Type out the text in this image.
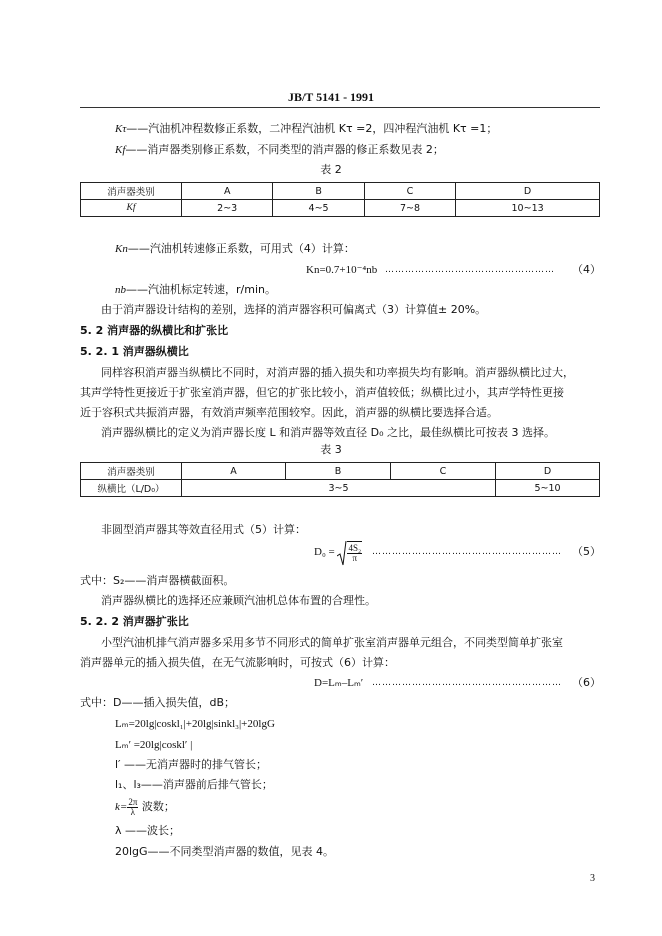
JB/T 5141 - 1991
Kτ——汽油机冲程数修正系数，二冲程汽油机 Kτ =2，四冲程汽油机 Kτ =1；
Kf——消声器类别修正系数，不同类型的消声器的修正系数见表 2；
表 2
消声器类别	A	B	C	D
Kf	2~3	4~5	7~8	10~13
Kn——汽油机转速修正系数，可用式（4）计算：
Kn=0.7+10⁻⁴nb …………………………………………… （4）
nb——汽油机标定转速，r/min。
由于消声器设计结构的差别，选择的消声器容积可偏离式（3）计算值± 20%。
5. 2 消声器的纵横比和扩张比
5. 2. 1 消声器纵横比
同样容积消声器当纵横比不同时，对消声器的插入损失和功率损失均有影响。消声器纵横比过大，
其声学特性更接近于扩张室消声器，但它的扩张比较小，消声值较低；纵横比过小，其声学特性更接
近于容积式共振消声器，有效消声频率范围较窄。因此，消声器的纵横比要选择合适。
消声器纵横比的定义为消声器长度 L 和消声器等效直径 D₀ 之比，最佳纵横比可按表 3 选择。
表 3
消声器类别	A	B	C	D
纵横比（L/D₀）	3~5			5~10
非圆型消声器其等效直径用式（5）计算：
$D_0 = \frac{\text{4S₂}}{\pi}$ ………………………………………………… （5）
式中：S₂——消声器横截面积。
消声器纵横比的选择还应兼顾汽油机总体布置的合理性。
5. 2. 2 消声器扩张比
小型汽油机排气消声器多采用多节不同形式的简单扩张室消声器单元组合，不同类型简单扩张室
消声器单元的插入损失值，在无气流影响时，可按式（6）计算：
D=Lₘ–Lₘ′ ………………………………………………… （6）
式中：D——插入损失值，dB；
Lₘ=20lg|coskl₁|+20lg|sinkl₃|+20lgG
Lₘ′ =20lg|coskl′ |
l′ ——无消声器时的排气管长；
l₁、l₃——消声器前后排气管长；
$k= \frac{2\pi}{\lambda}$ 波数；
λ ——波长；
20lgG——不同类型消声器的数值，见表 4。
3
